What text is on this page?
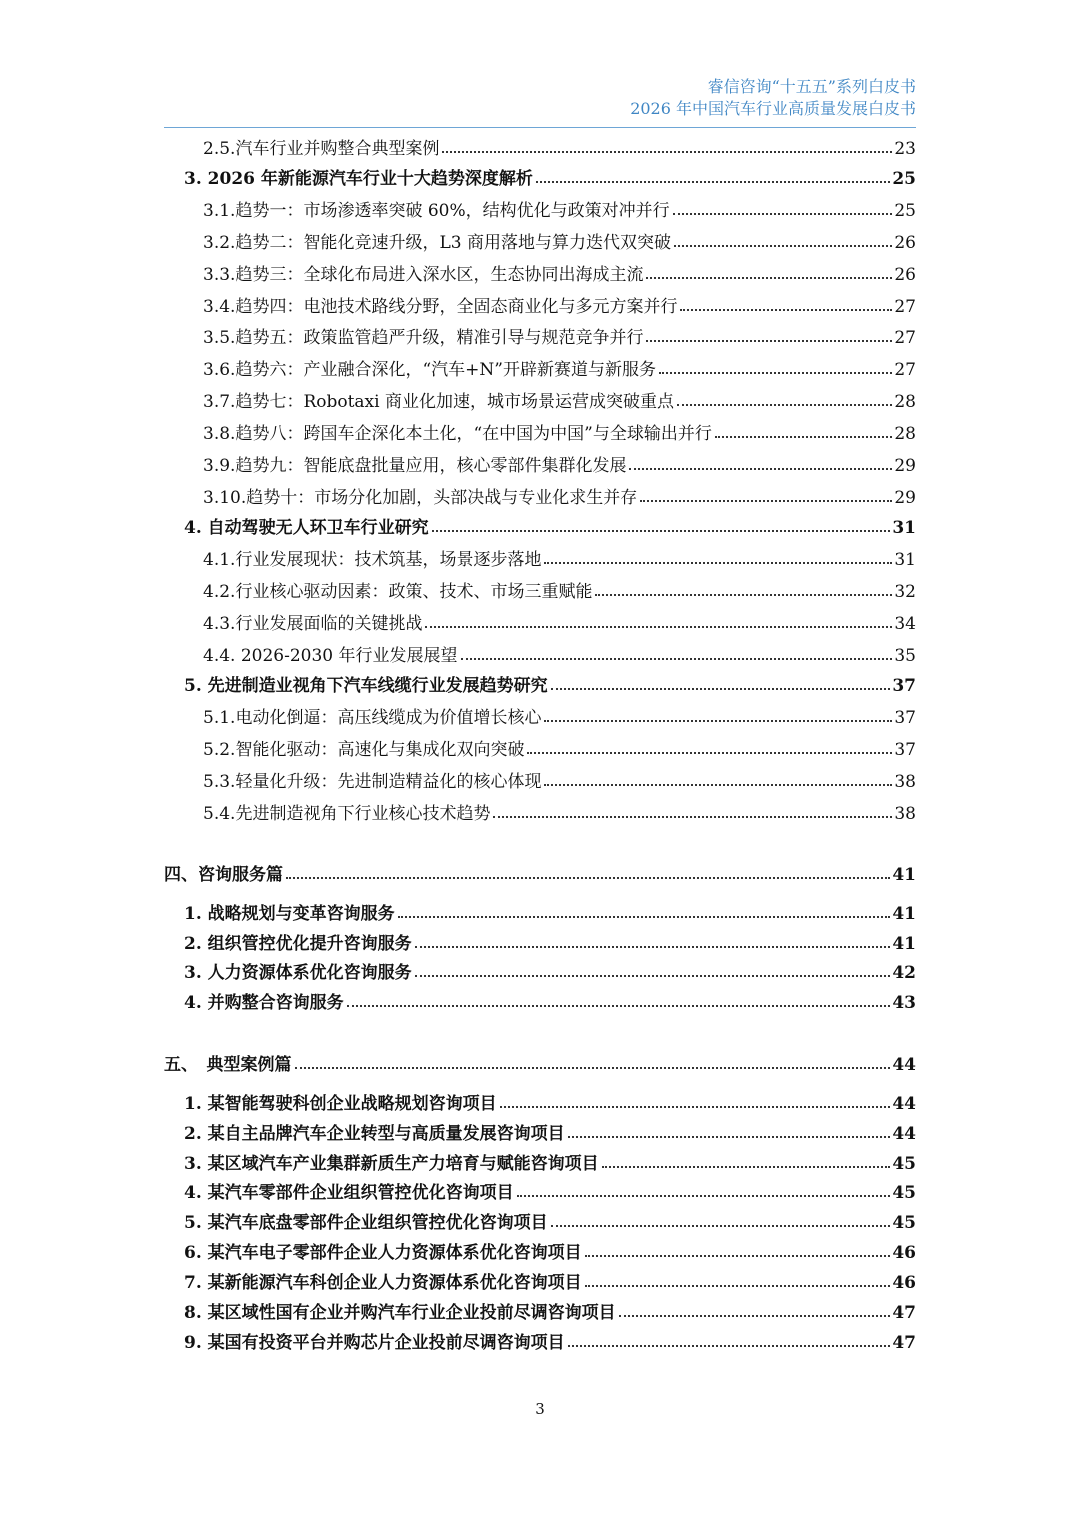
睿信咨询“十五五”系列白皮书
2026 年中国汽车行业高质量发展白皮书
2.5.汽车行业并购整合典型案例	23
3. 2026 年新能源汽车行业十大趋势深度解析	25
3.1.趋势一：市场渗透率突破 60%，结构优化与政策对冲并行	25
3.2.趋势二：智能化竞速升级，L3 商用落地与算力迭代双突破	26
3.3.趋势三：全球化布局进入深水区，生态协同出海成主流	26
3.4.趋势四：电池技术路线分野，全固态商业化与多元方案并行	27
3.5.趋势五：政策监管趋严升级，精准引导与规范竞争并行	27
3.6.趋势六：产业融合深化，“汽车+N”开辟新赛道与新服务	27
3.7.趋势七：Robotaxi 商业化加速，城市场景运营成突破重点	28
3.8.趋势八：跨国车企深化本土化，“在中国为中国”与全球输出并行	28
3.9.趋势九：智能底盘批量应用，核心零部件集群化发展	29
3.10.趋势十：市场分化加剧，头部决战与专业化求生并存	29
4. 自动驾驶无人环卫车行业研究	31
4.1.行业发展现状：技术筑基，场景逐步落地	31
4.2.行业核心驱动因素：政策、技术、市场三重赋能	32
4.3.行业发展面临的关键挑战	34
4.4. 2026-2030 年行业发展展望	35
5. 先进制造业视角下汽车线缆行业发展趋势研究	37
5.1.电动化倒逼：高压线缆成为价值增长核心	37
5.2.智能化驱动：高速化与集成化双向突破	37
5.3.轻量化升级：先进制造精益化的核心体现	38
5.4.先进制造视角下行业核心技术趋势	38
四、咨询服务篇	41
1. 战略规划与变革咨询服务	41
2. 组织管控优化提升咨询服务	41
3. 人力资源体系优化咨询服务	42
4. 并购整合咨询服务	43
五、　典型案例篇	44
1. 某智能驾驶科创企业战略规划咨询项目	44
2. 某自主品牌汽车企业转型与高质量发展咨询项目	44
3. 某区域汽车产业集群新质生产力培育与赋能咨询项目	45
4. 某汽车零部件企业组织管控优化咨询项目	45
5. 某汽车底盘零部件企业组织管控优化咨询项目	45
6. 某汽车电子零部件企业人力资源体系优化咨询项目	46
7. 某新能源汽车科创企业人力资源体系优化咨询项目	46
8. 某区域性国有企业并购汽车行业企业投前尽调咨询项目	47
9. 某国有投资平台并购芯片企业投前尽调咨询项目	47
3
